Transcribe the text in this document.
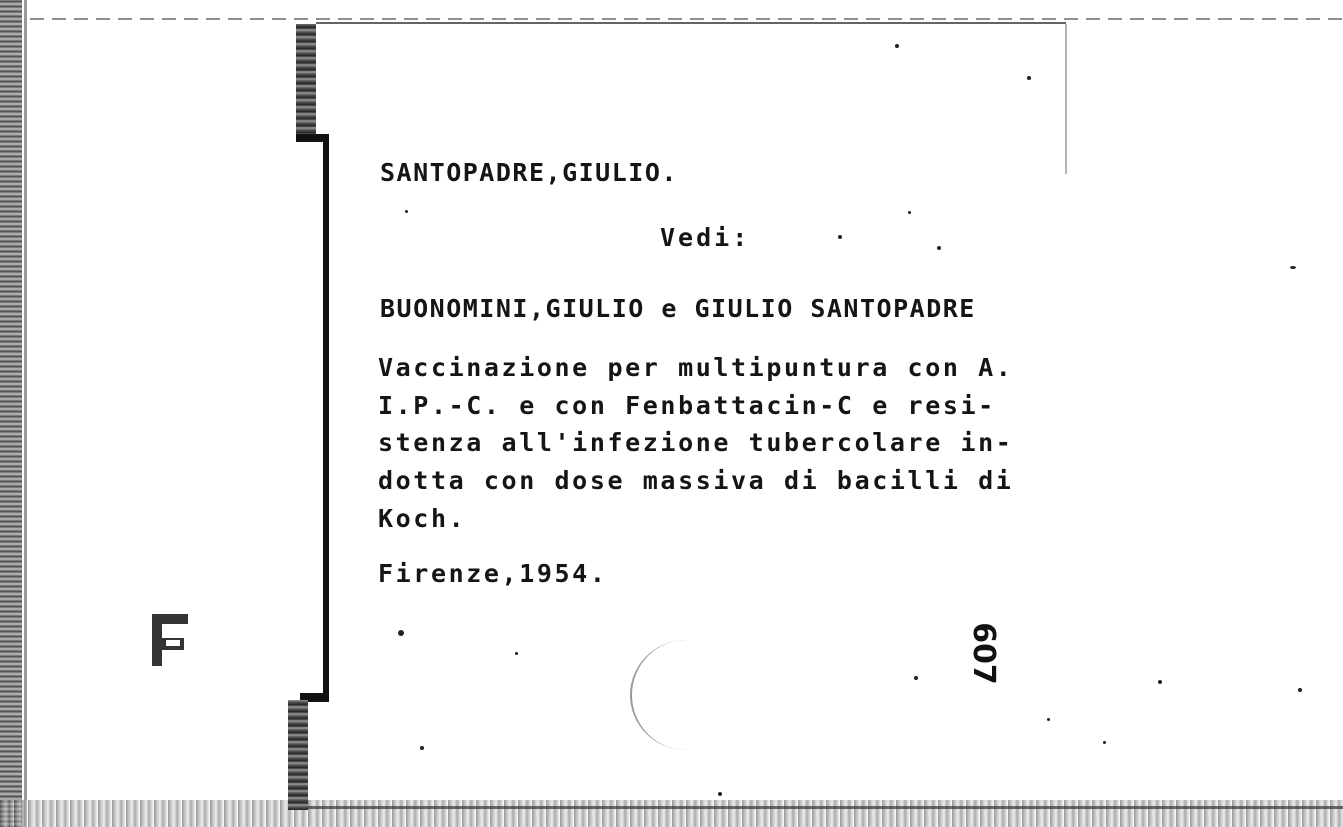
SANTOPADRE,GIULIO.
Vedi:
BUONOMINI,GIULIO e GIULIO SANTOPADRE
Vaccinazione per multipuntura con A.
I.P.-C. e con Fenbattacin-C e resi-
stenza all'infezione tubercolare in-
dotta con dose massiva di bacilli di
Koch.
Firenze,1954.
607
